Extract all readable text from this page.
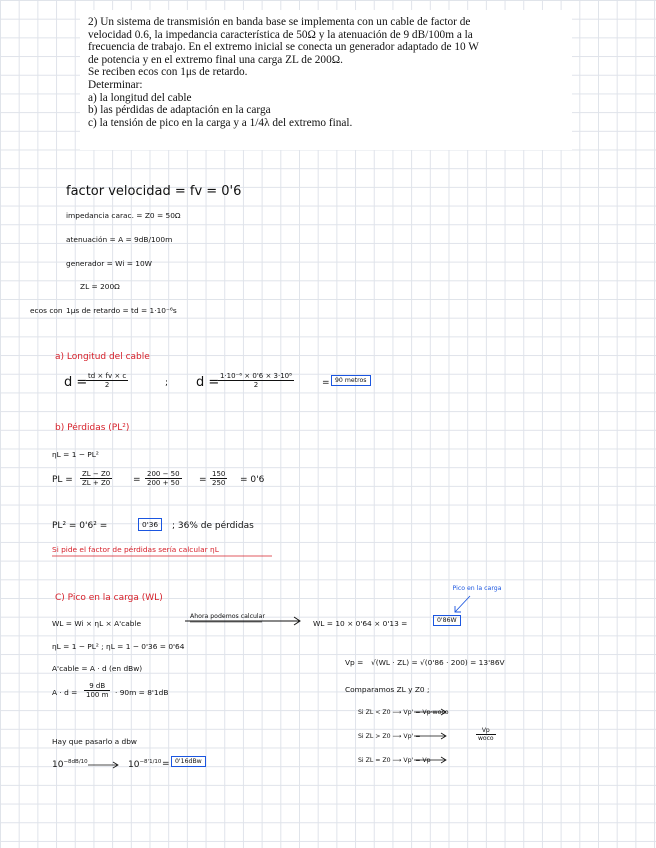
2) Un sistema de transmisión en banda base se implementa con un cable de factor de
velocidad 0.6, la impedancia característica de 50Ω y la atenuación de 9 dB/100m a la
frecuencia de trabajo. En el extremo inicial se conecta un generador adaptado de 10 W
de potencia y en el extremo final una carga ZL de 200Ω.
Se reciben ecos con 1μs de retardo.
Determinar:
a) la longitud del cable
b) las pérdidas de adaptación en la carga
c) la tensión de pico en la carga y a 1/4λ del extremo final.
factor velocidad = fv = 0'6
impedancia carac. = Z0 = 50Ω
atenuación = A = 9dB/100m
generador = Wi = 10W
ZL = 200Ω
ecos con 1μs de retardo = td = 1·10⁻⁶s
a) Longitud del cable
d =
$\frac{td \times fv \times c}{2}$	; d =
$\frac{\text{1·10⁻⁶ × 0'6 × 3·10⁸}}{2}$	= 90 metros
b) Pérdidas (PL²)
ηL = 1 − PL²
PL = $\frac{ZL - Z0}{ZL + Z0} = \frac{200 - 50}{200 + 50} = \frac{150}{250} = 0'6$
PL² = 0'6² =	0'36	; 36% de pérdidas
Si pide el factor de pérdidas sería calcular ηL
C) Pico en la carga (WL)
WL = Wi × ηL × A'cable
Ahora podemos calcular
WL = 10 × 0'64 × 0'13 =	0'86W
Pico en la carga
ηL = 1 − PL² ; ηL = 1 − 0'36 = 0'64
A'cable = A · d (en dBw)
$A \cdot d = \frac{9 dB}{100 m} \cdot 90m = 8'1dB$
Vp = √(WL · ZL) = √(0'86 · 200) = 13'86V
Comparamos ZL y Z0 ;
Si ZL < Z0 ⟶ Vp' = Vp·woco
Si ZL > Z0 ⟶ Vp' =
Vp
woco
Si ZL = Z0 ⟶ Vp' = Vp
Hay que pasarlo a dbw
$10^{-8dB/10}$	$10^{-8'1/10} = 0'16dBw$
